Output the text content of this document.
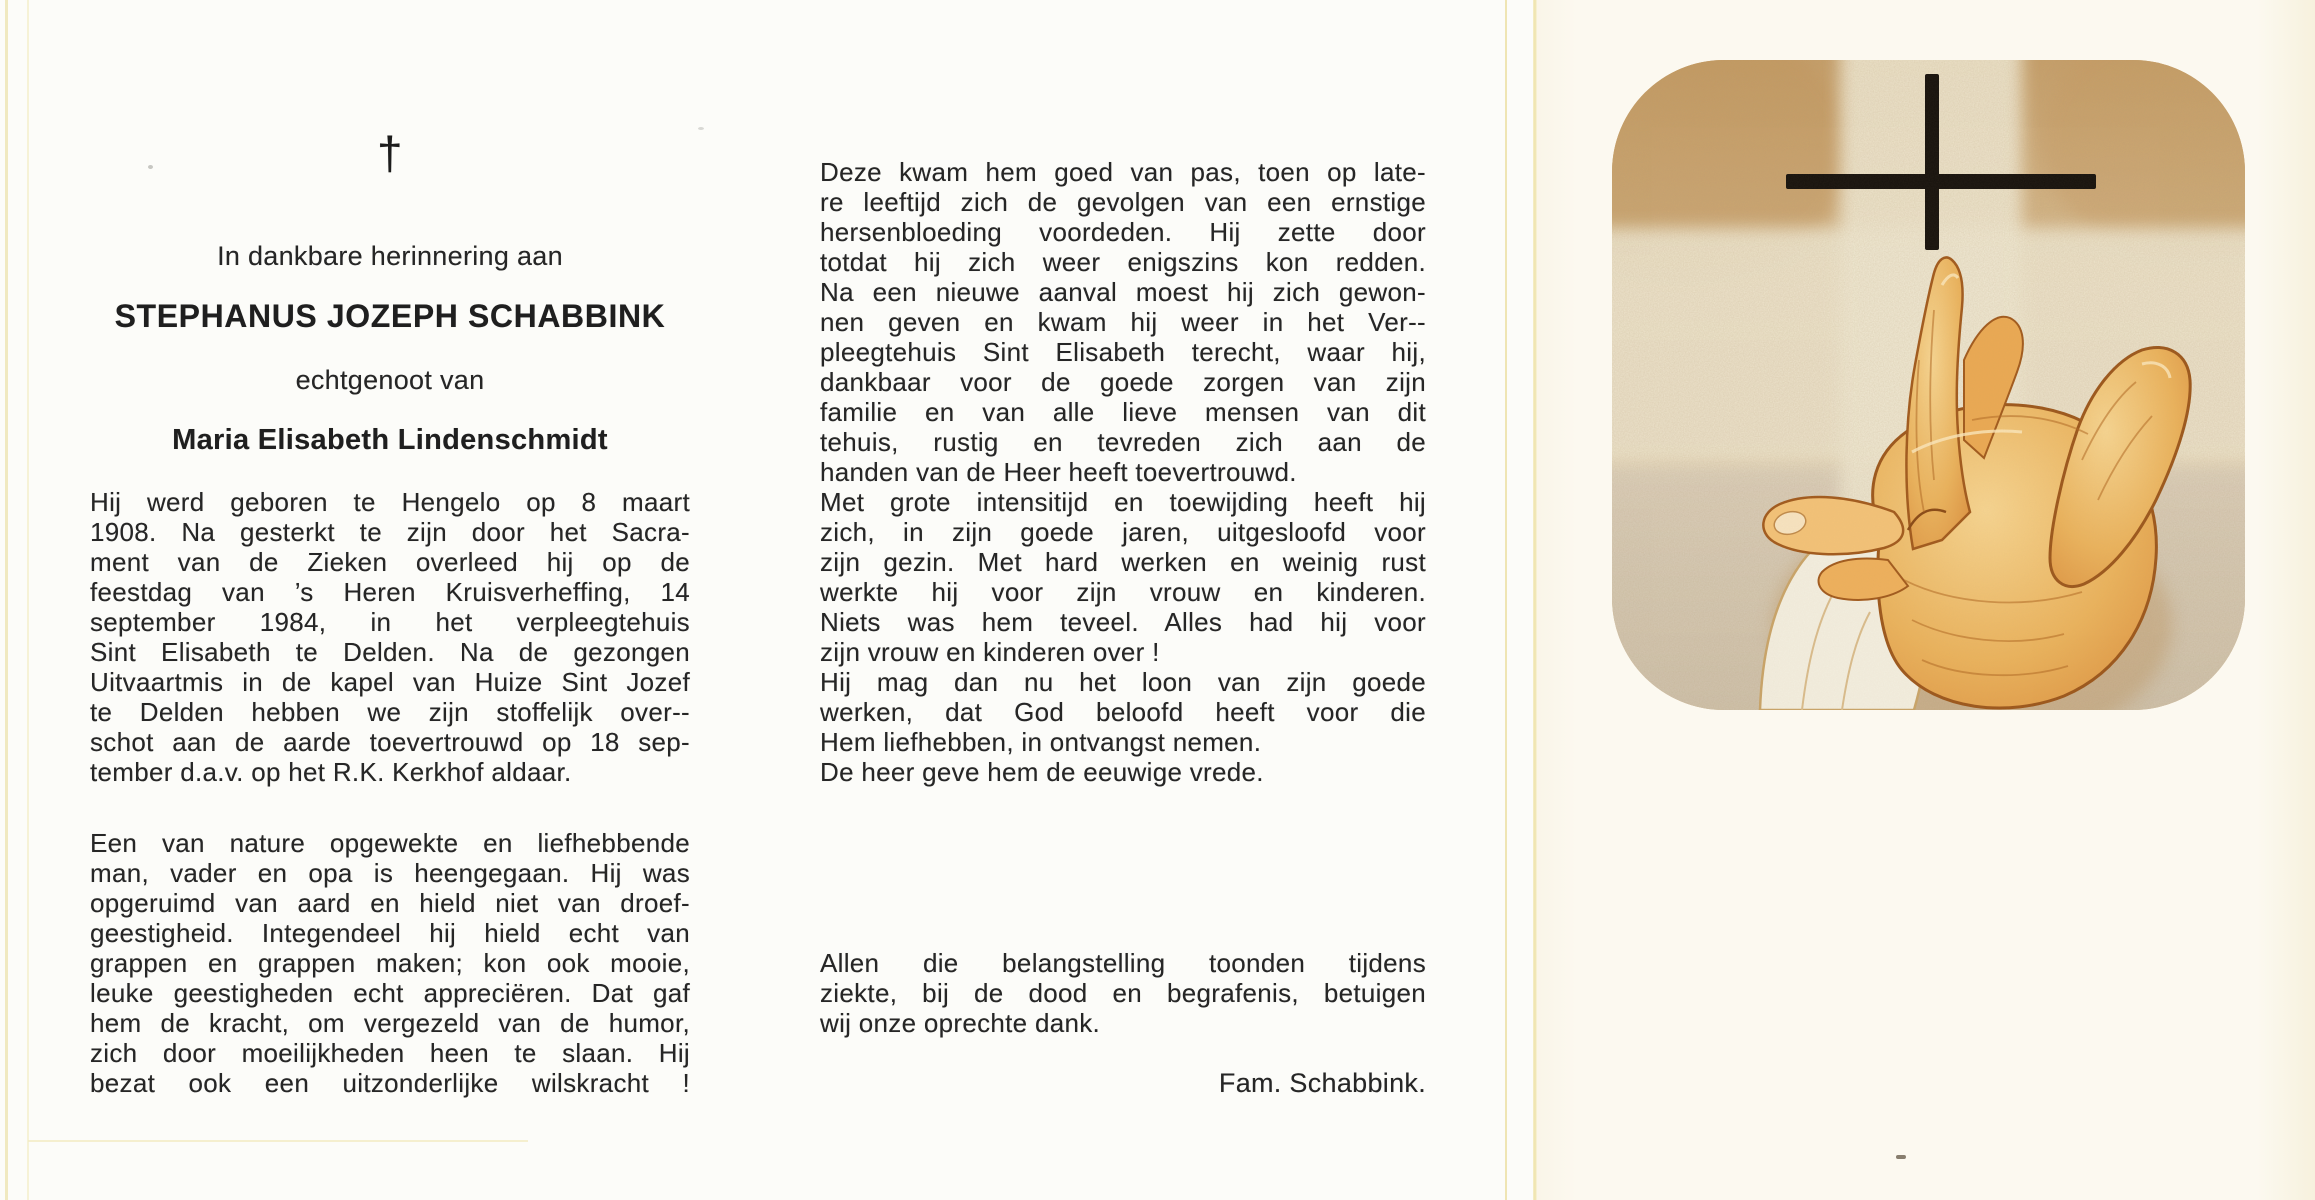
†
In dankbare herinnering aan
STEPHANUS JOZEPH SCHABBINK
echtgenoot van
Maria Elisabeth Lindenschmidt
Hij werd geboren te Hengelo op 8 maart
1908. Na gesterkt te zijn door het Sacra-
ment van de Zieken overleed hij op de
feestdag van ’s Heren Kruisverheffing, 14
september 1984, in het verpleegtehuis
Sint Elisabeth te Delden. Na de gezongen
Uitvaartmis in de kapel van Huize Sint Jozef
te Delden hebben we zijn stoffelijk over--
schot aan de aarde toevertrouwd op 18 sep-
tember d.a.v. op het R.K. Kerkhof aldaar.
Een van nature opgewekte en liefhebbende
man, vader en opa is heengegaan. Hij was
opgeruimd van aard en hield niet van droef-
geestigheid. Integendeel hij hield echt van
grappen en grappen maken; kon ook mooie,
leuke geestigheden echt appreciëren. Dat gaf
hem de kracht, om vergezeld van de humor,
zich door moeilijkheden heen te slaan. Hij
bezat ook een uitzonderlijke wilskracht !
Deze kwam hem goed van pas, toen op late-
re leeftijd zich de gevolgen van een ernstige
hersenbloeding voordeden. Hij zette door
totdat hij zich weer enigszins kon redden.
Na een nieuwe aanval moest hij zich gewon-
nen geven en kwam hij weer in het Ver--
pleegtehuis Sint Elisabeth terecht, waar hij,
dankbaar voor de goede zorgen van zijn
familie en van alle lieve mensen van dit
tehuis, rustig en tevreden zich aan de
handen van de Heer heeft toevertrouwd.
Met grote intensitijd en toewijding heeft hij
zich, in zijn goede jaren, uitgesloofd voor
zijn gezin. Met hard werken en weinig rust
werkte hij voor zijn vrouw en kinderen.
Niets was hem teveel. Alles had hij voor
zijn vrouw en kinderen over !
Hij mag dan nu het loon van zijn goede
werken, dat God beloofd heeft voor die
Hem liefhebben, in ontvangst nemen.
De heer geve hem de eeuwige vrede.
Allen die belangstelling toonden tijdens
ziekte, bij de dood en begrafenis, betuigen
wij onze oprechte dank.
Fam. Schabbink.
